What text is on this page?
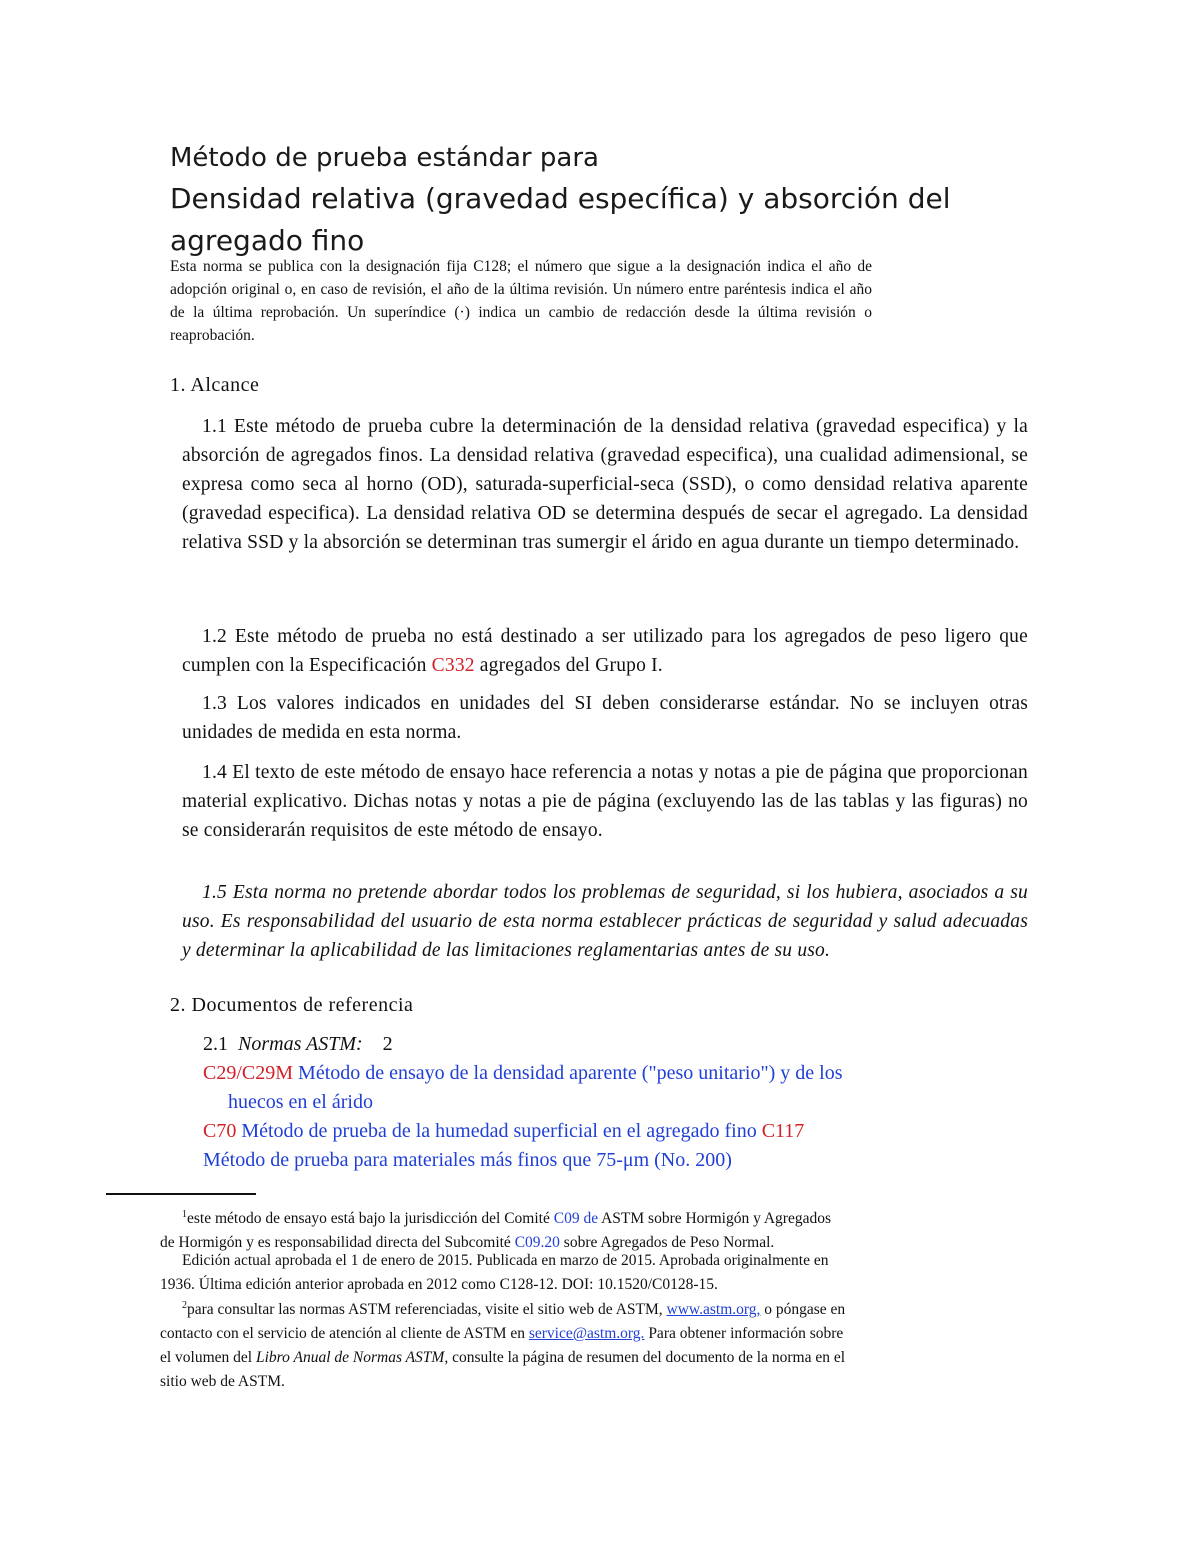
Método de prueba estándar para
Densidad relativa (gravedad específica) y absorción del agregado fino
Esta norma se publica con la designación fija C128; el número que sigue a la designación indica el año de adopción original o, en caso de revisión, el año de la última revisión. Un número entre paréntesis indica el año de la última reprobación. Un superíndice (·) indica un cambio de redacción desde la última revisión o reaprobación.
1. Alcance
1.1 Este método de prueba cubre la determinación de la densidad relativa (gravedad especifica) y la absorción de agregados finos. La densidad relativa (gravedad especifica), una cualidad adimensional, se expresa como seca al horno (OD), saturada-superficial-seca (SSD), o como densidad relativa aparente (gravedad especifica). La densidad relativa OD se determina después de secar el agregado. La densidad relativa SSD y la absorción se determinan tras sumergir el árido en agua durante un tiempo determinado.
1.2 Este método de prueba no está destinado a ser utilizado para los agregados de peso ligero que cumplen con la Especificación C332 agregados del Grupo I.
1.3 Los valores indicados en unidades del SI deben considerarse estándar. No se incluyen otras unidades de medida en esta norma.
1.4 El texto de este método de ensayo hace referencia a notas y notas a pie de página que proporcionan material explicativo. Dichas notas y notas a pie de página (excluyendo las de las tablas y las figuras) no se considerarán requisitos de este método de ensayo.
1.5 Esta norma no pretende abordar todos los problemas de seguridad, si los hubiera, asociados a su uso. Es responsabilidad del usuario de esta norma establecer prácticas de seguridad y salud adecuadas y determinar la aplicabilidad de las limitaciones reglamentarias antes de su uso.
2. Documentos de referencia
2.1 Normas ASTM: 2
C29/C29M Método de ensayo de la densidad aparente ("peso unitario") y de los
huecos en el árido
C70 Método de prueba de la humedad superficial en el agregado fino C117
Método de prueba para materiales más finos que 75-μm (No. 200)
$^1$este método de ensayo está bajo la jurisdicción del Comité C09 de ASTM sobre Hormigón y Agregados
de Hormigón y es responsabilidad directa del Subcomité C09.20 sobre Agregados de Peso Normal.
Edición actual aprobada el 1 de enero de 2015. Publicada en marzo de 2015. Aprobada originalmente en
1936. Última edición anterior aprobada en 2012 como C128-12. DOI: 10.1520/C0128-15.
$^2$para consultar las normas ASTM referenciadas, visite el sitio web de ASTM, www.astm.org, o póngase en
contacto con el servicio de atención al cliente de ASTM en service@astm.org. Para obtener información sobre
el volumen del Libro Anual de Normas ASTM, consulte la página de resumen del documento de la norma en el
sitio web de ASTM.
